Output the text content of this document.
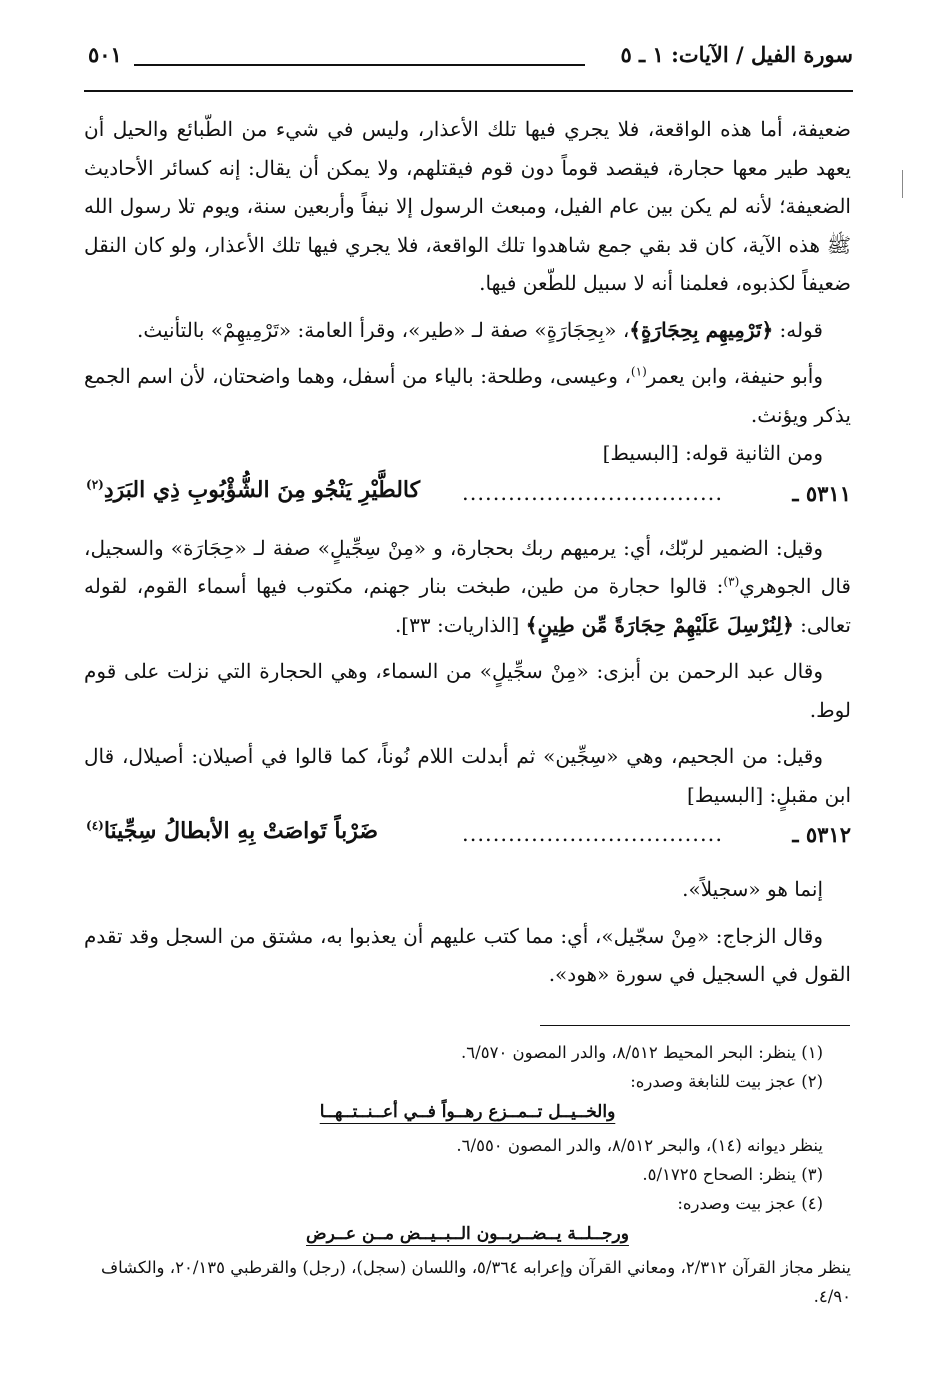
سورة الفيل / الآيات: ١ ـ ٥
٥٠١

ضعيفة، أما هذه الواقعة، فلا يجري فيها تلك الأعذار، وليس في شيء من الطّبائع والحيل أن يعهد طير معها حجارة، فيقصد قوماً دون قوم فيقتلهم، ولا يمكن أن يقال: إنه كسائر الأحاديث الضعيفة؛ لأنه لم يكن بين عام الفيل، ومبعث الرسول إلا نيفاً وأربعين سنة، ويوم تلا رسول الله ﷺ هذه الآية، كان قد بقي جمع شاهدوا تلك الواقعة، فلا يجري فيها تلك الأعذار، ولو كان النقل ضعيفاً لكذبوه، فعلمنا أنه لا سبيل للطّعن فيها.

قوله: ﴿تَرْمِيهِم بِحِجَارَةٍ﴾، «بِحِجَارَةٍ» صفة لـ «طير»، وقرأ العامة: «تَرْمِيهِمْ» بالتأنيث.

وأبو حنيفة، وابن يعمر$^{(١)}$، وعيسى، وطلحة: بالياء من أسفل، وهما واضحتان، لأن اسم الجمع يذكر ويؤنث.

ومن الثانية قوله: [البسيط]

٥٣١١ ـ
..................................
كالطَّيْرِ يَنْجُو مِنَ الشُّؤْبُوبِ ذِي البَرَدِ$^{(٢)}$

وقيل: الضمير لربّك، أي: يرميهم ربك بحجارة، و «مِنْ سِجِّيلٍ» صفة لـ «حِجَارَة» والسجيل، قال الجوهري$^{(٣)}$: قالوا حجارة من طين، طبخت بنار جهنم، مكتوب فيها أسماء القوم، لقوله تعالى: ﴿لِنُرْسِلَ عَلَيْهِمْ حِجَارَةً مِّن طِينٍ﴾ [الذاريات: ٣٣].

وقال عبد الرحمن بن أبزى: «مِنْ سجِّيلٍ» من السماء، وهي الحجارة التي نزلت على قوم لوط.

وقيل: من الجحيم، وهي «سِجِّين» ثم أبدلت اللام نُوناً، كما قالوا في أصيلان: أصيلال، قال ابن مقبلٍ: [البسيط]

٥٣١٢ ـ
..................................
ضَرْباً تَواصَتْ بِهِ الأبطالُ سِجِّينَا$^{(٤)}$

إنما هو «سجيلاً».

وقال الزجاج: «مِنْ سجّيل»، أي: مما كتب عليهم أن يعذبوا به، مشتق من السجل وقد تقدم القول في السجيل في سورة «هود».

(١) ينظر: البحر المحيط ٨/٥١٢، والدر المصون ٦/٥٧٠.

(٢) عجز بيت للنابغة وصدره:

والخــيــل تــمــزع رهــواً فــي أعــنــتــهــا

ينظر ديوانه (١٤)، والبحر ٨/٥١٢، والدر المصون ٦/٥٥٠.

(٣) ينظر: الصحاح ٥/١٧٢٥.

(٤) عجز بيت وصدره:

ورجــلــة يــضــربــون الــبــيــض مــن عــرض

ينظر مجاز القرآن ٢/٣١٢، ومعاني القرآن وإعرابه ٥/٣٦٤، واللسان (سجل)، (رجل) والقرطبي ٢٠/١٣٥، والكشاف ٤/٩٠.
